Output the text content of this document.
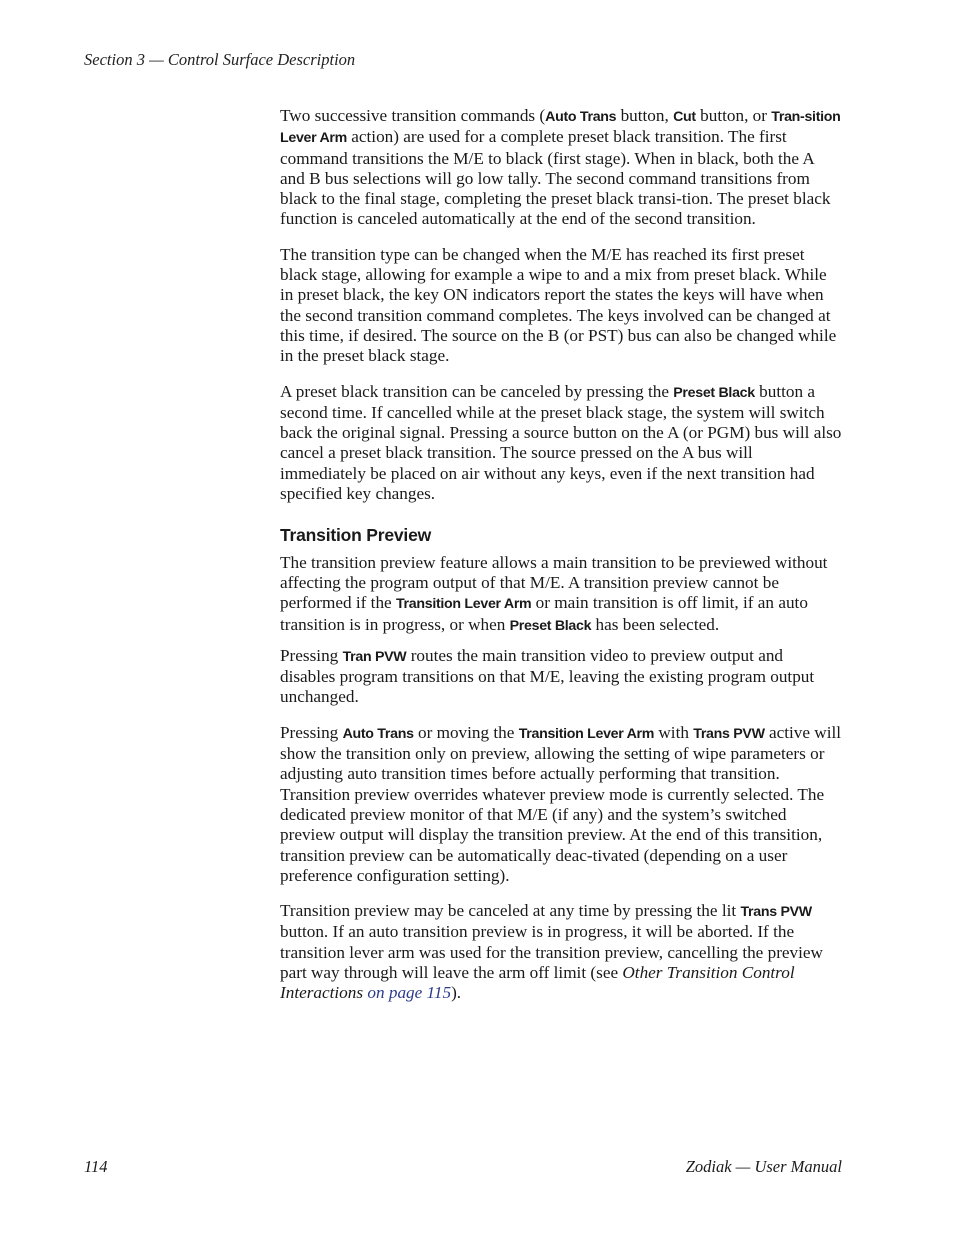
Section 3 — Control Surface Description

Two successive transition commands (Auto Trans button, Cut button, or Tran-sition Lever Arm action) are used for a complete preset black transition. The first command transitions the M/E to black (first stage). When in black, both the A and B bus selections will go low tally. The second command transitions from black to the final stage, completing the preset black transi-tion. The preset black function is canceled automatically at the end of the second transition.

The transition type can be changed when the M/E has reached its first preset black stage, allowing for example a wipe to and a mix from preset black. While in preset black, the key ON indicators report the states the keys will have when the second transition command completes. The keys involved can be changed at this time, if desired. The source on the B (or PST) bus can also be changed while in the preset black stage.

A preset black transition can be canceled by pressing the Preset Black button a second time. If cancelled while at the preset black stage, the system will switch back the original signal. Pressing a source button on the A (or PGM) bus will also cancel a preset black transition. The source pressed on the A bus will immediately be placed on air without any keys, even if the next transition had specified key changes.

Transition Preview

The transition preview feature allows a main transition to be previewed without affecting the program output of that M/E. A transition preview cannot be performed if the Transition Lever Arm or main transition is off limit, if an auto transition is in progress, or when Preset Black has been selected.

Pressing Tran PVW routes the main transition video to preview output and disables program transitions on that M/E, leaving the existing program output unchanged.

Pressing Auto Trans or moving the Transition Lever Arm with Trans PVW active will show the transition only on preview, allowing the setting of wipe parameters or adjusting auto transition times before actually performing that transition. Transition preview overrides whatever preview mode is currently selected. The dedicated preview monitor of that M/E (if any) and the system’s switched preview output will display the transition preview. At the end of this transition, transition preview can be automatically deac-tivated (depending on a user preference configuration setting).

Transition preview may be canceled at any time by pressing the lit Trans PVW button. If an auto transition preview is in progress, it will be aborted. If the transition lever arm was used for the transition preview, cancelling the preview part way through will leave the arm off limit (see Other Transition Control Interactions on page 115).

114	Zodiak — User Manual
